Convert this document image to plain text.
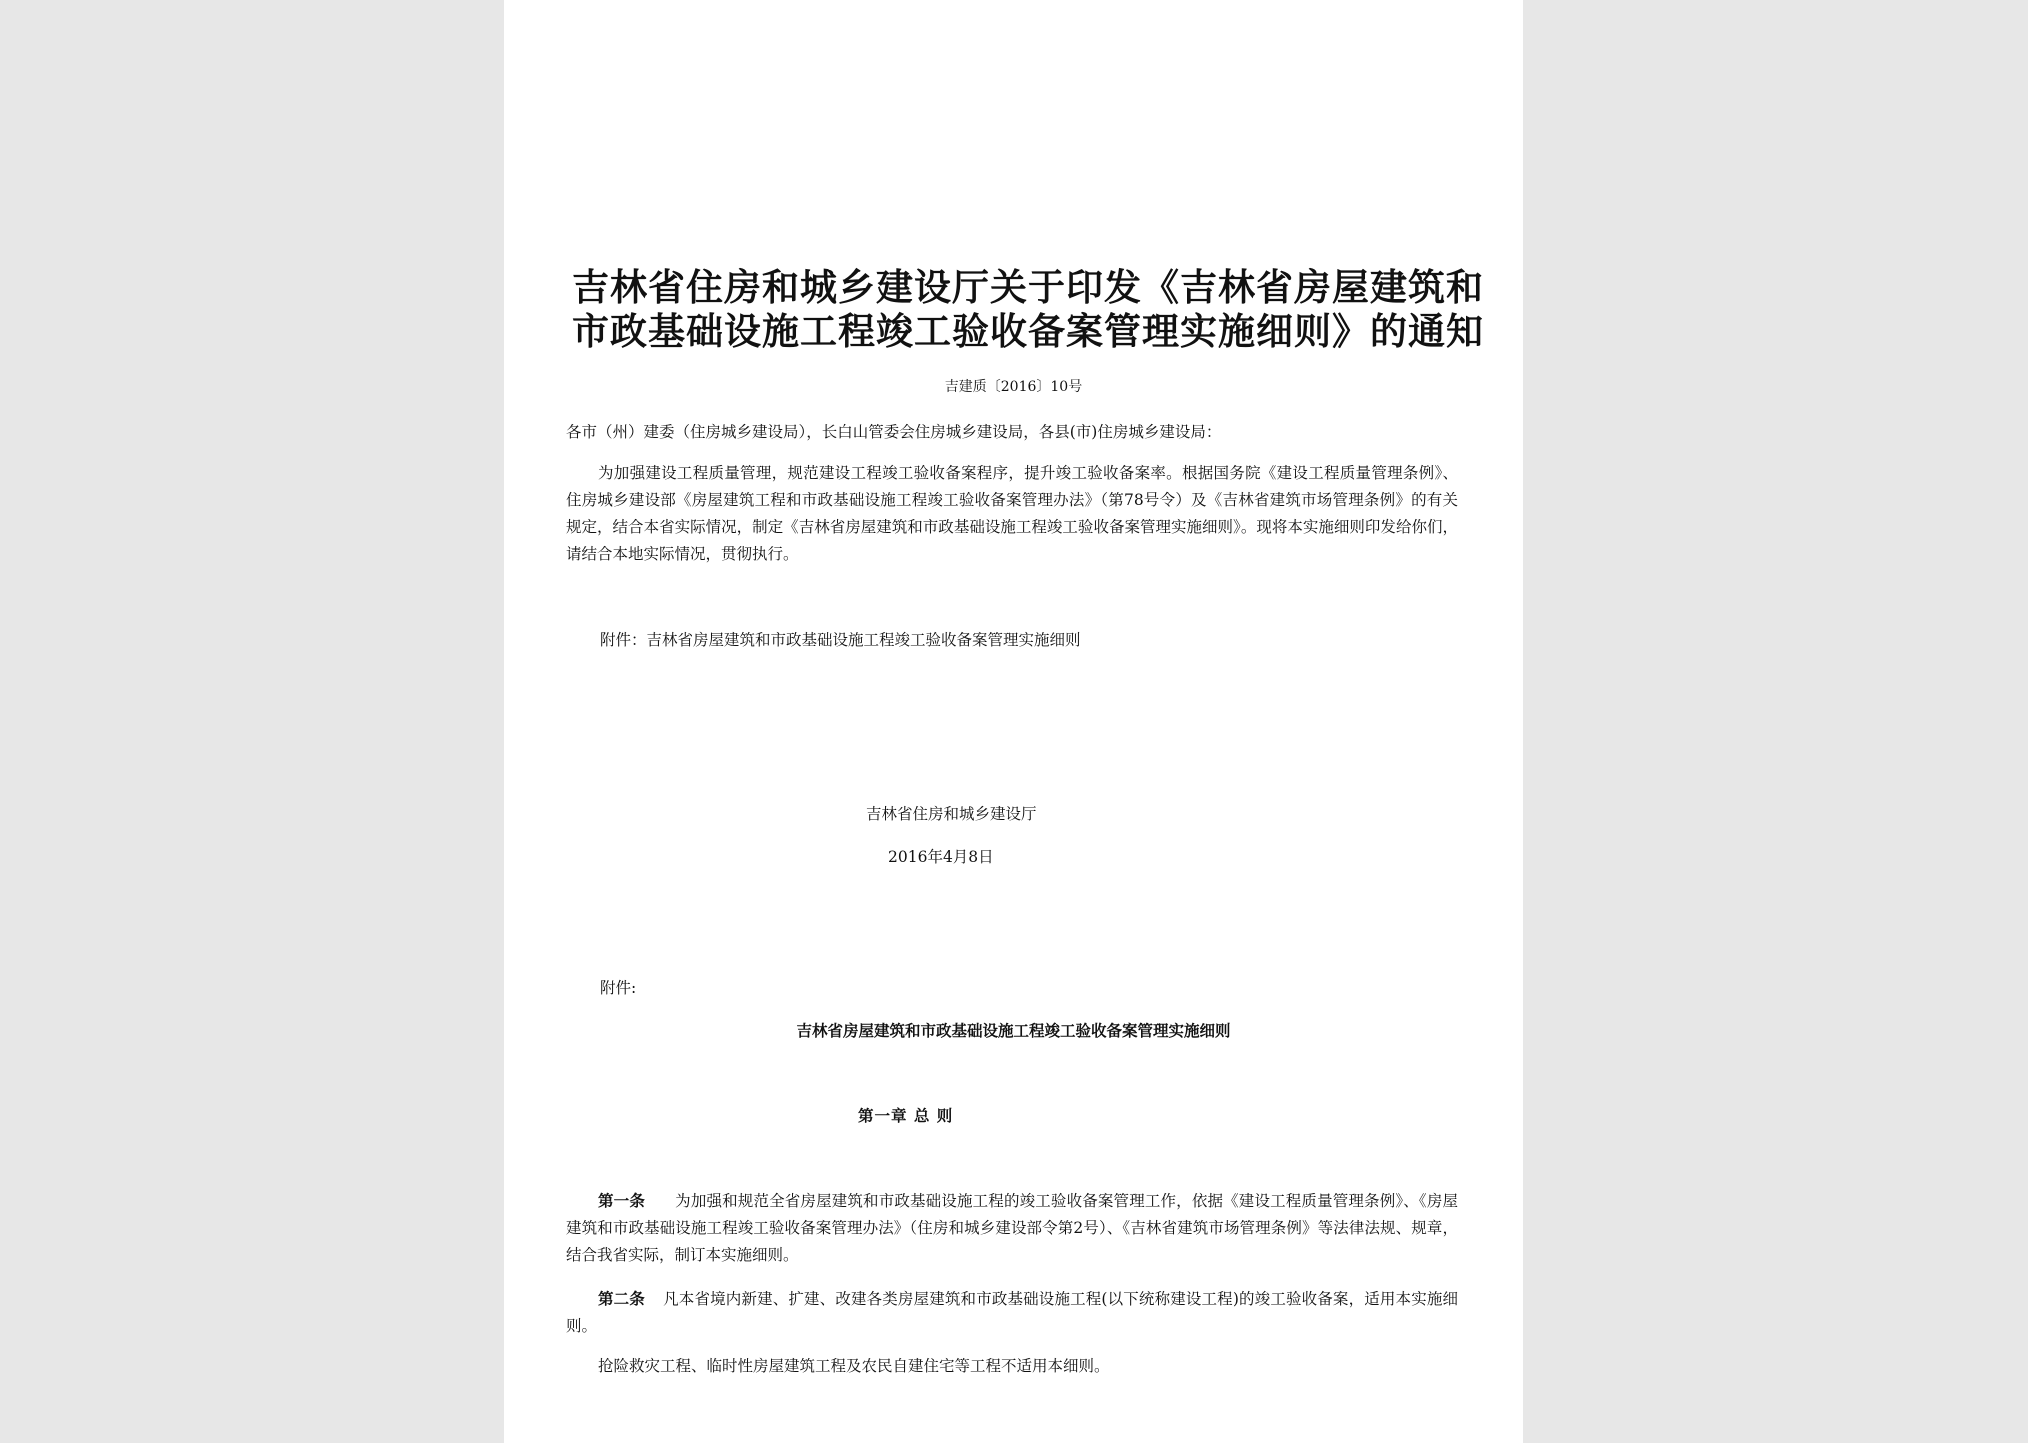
吉林省住房和城乡建设厅关于印发《吉林省房屋建筑和
市政基础设施工程竣工验收备案管理实施细则》的通知
吉建质〔2016〕10号
各市（州）建委（住房城乡建设局），长白山管委会住房城乡建设局，各县(市)住房城乡建设局：
为加强建设工程质量管理，规范建设工程竣工验收备案程序，提升竣工验收备案率。根据国务院《建设工程质量管理条例》、住房城乡建设部《房屋建筑工程和市政基础设施工程竣工验收备案管理办法》（第78号令）及《吉林省建筑市场管理条例》的有关规定，结合本省实际情况，制定《吉林省房屋建筑和市政基础设施工程竣工验收备案管理实施细则》。现将本实施细则印发给你们，请结合本地实际情况，贯彻执行。
附件：吉林省房屋建筑和市政基础设施工程竣工验收备案管理实施细则
吉林省住房和城乡建设厅
2016年4月8日
附件:
吉林省房屋建筑和市政基础设施工程竣工验收备案管理实施细则
第一章 总 则
第一条 为加强和规范全省房屋建筑和市政基础设施工程的竣工验收备案管理工作，依据《建设工程质量管理条例》、《房屋建筑和市政基础设施工程竣工验收备案管理办法》（住房和城乡建设部令第2号）、《吉林省建筑市场管理条例》等法律法规、规章，结合我省实际，制订本实施细则。
第二条 凡本省境内新建、扩建、改建各类房屋建筑和市政基础设施工程(以下统称建设工程)的竣工验收备案，适用本实施细则。
抢险救灾工程、临时性房屋建筑工程及农民自建住宅等工程不适用本细则。
